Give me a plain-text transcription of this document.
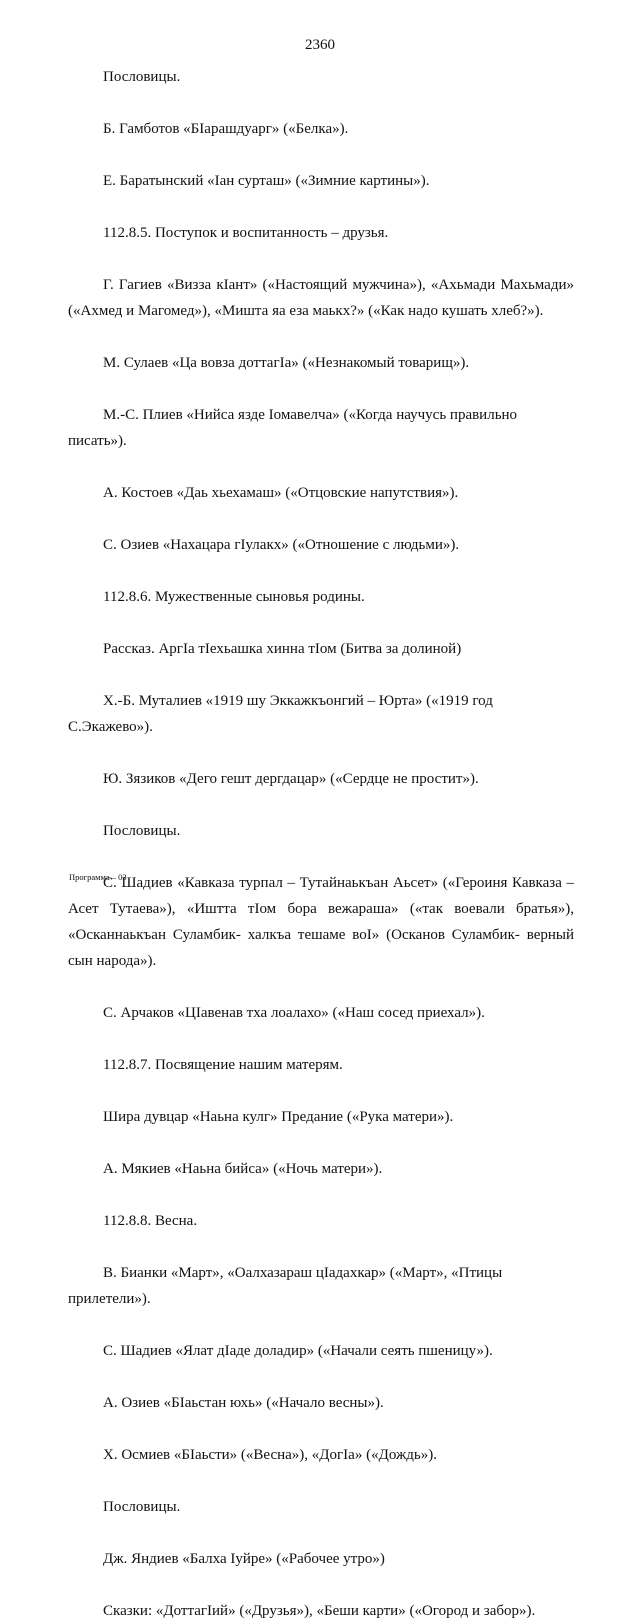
2360

Пословицы.

Б. Гамботов «БІарашдуарг» («Белка»).

Е. Баратынский «Іан сурташ» («Зимние картины»).

112.8.5. Поступок и воспитанность – друзья.

Г. Гагиев «Визза кІант» («Настоящий мужчина»), «Ахьмади Махьмади» («Ахмед и Магомед»), «Мишта яа еза маькх?» («Как надо кушать хлеб?»).

М. Сулаев «Ца вовза доттагІа» («Незнакомый товарищ»).

М.-С. Плиев «Нийса язде Іомавелча» («Когда научусь правильно писать»).

А. Костоев «Даь хьехамаш» («Отцовские напутствия»).

С. Озиев «Нахацара гІулакх» («Отношение с людьми»).

112.8.6. Мужественные сыновья родины.

Рассказ. АргІа тІехьашка хинна тІом (Битва за долиной)

Х.-Б. Муталиев «1919 шу Эккажкъонгий – Юрта» («1919 год С.Экажево»).

Ю. Зязиков «Дего гешт дергдацар» («Сердце не простит»).

Пословицы.

С. Шадиев «Кавказа турпал – Тутайнаькъан Аьсет» («Героиня Кавказа – Асет Тутаева»), «Иштта тІом бора вежараша» («так воевали братья»), «Осканнаькъан Суламбик- халкъа тешаме воІ» (Осканов Суламбик- верный сын народа»).

С. Арчаков «ЦІавенав тха лоалахо» («Наш сосед приехал»).

112.8.7. Посвящение нашим матерям.

Шира дувцар «Наьна кулг» Предание («Рука матери»).

А. Мякиев «Наьна бийса» («Ночь матери»).

112.8.8. Весна.

В. Бианки «Март», «Оалхазараш цІадахкар» («Март», «Птицы прилетели»).

С. Шадиев «Ялат дІаде доладир» («Начали сеять пшеницу»).

А. Озиев «БІаьстан юхь» («Начало весны»).

Х. Осмиев «БІаьсти» («Весна»), «ДогІа» («Дождь»).

Пословицы.

Дж. Яндиев «Балха Іуйре» («Рабочее утро»)

Сказки: «ДоттагІий» («Друзья»), «Беши карти» («Огород и забор»).

Программа – 03
